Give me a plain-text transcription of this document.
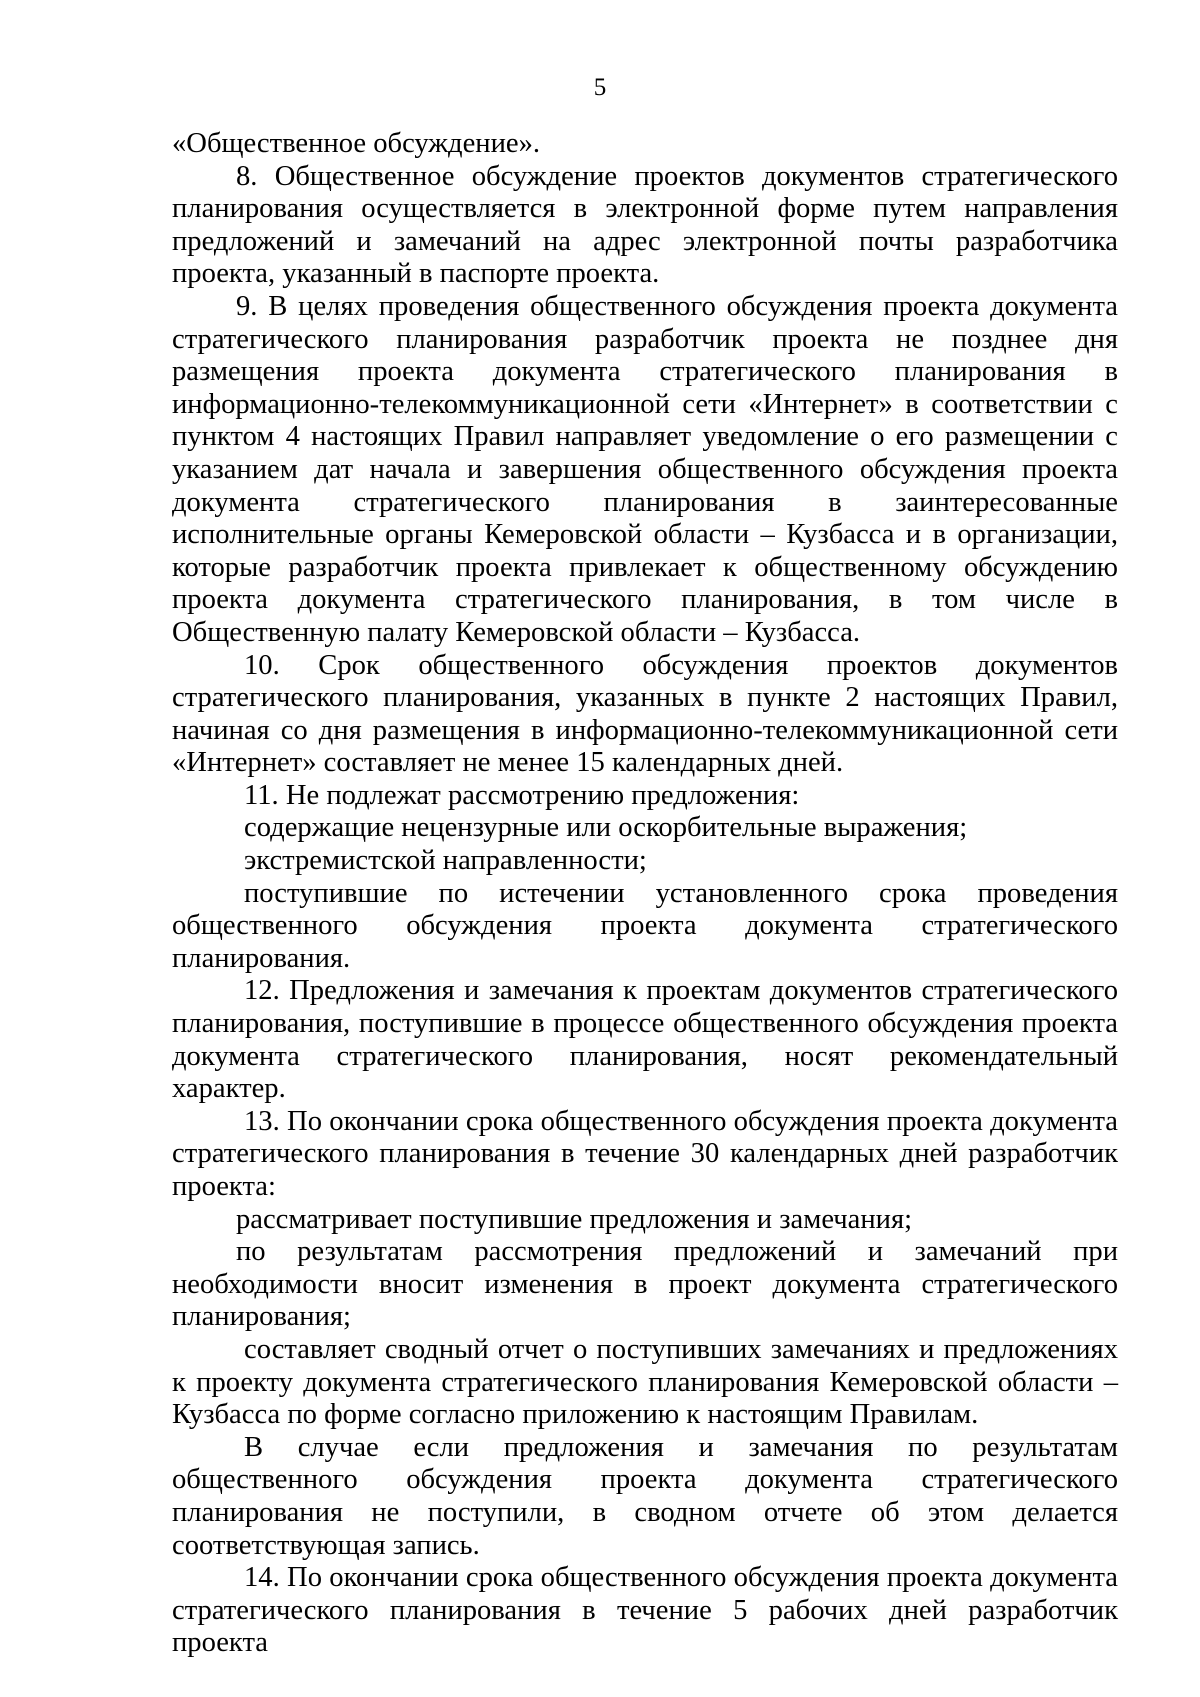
5

«Общественное обсуждение».

8. Общественное обсуждение проектов документов стратегического планирования осуществляется в электронной форме путем направления предложений и замечаний на адрес электронной почты разработчика проекта, указанный в паспорте проекта.

9. В целях проведения общественного обсуждения проекта документа стратегического планирования разработчик проекта не позднее дня размещения проекта документа стратегического планирования в информационно-телекоммуникационной сети «Интернет» в соответствии с пунктом 4 настоящих Правил направляет уведомление о его размещении с указанием дат начала и завершения общественного обсуждения проекта документа стратегического планирования в заинтересованные исполнительные органы Кемеровской области – Кузбасса и в организации, которые разработчик проекта привлекает к общественному обсуждению проекта документа стратегического планирования, в том числе в Общественную палату Кемеровской области – Кузбасса.

10. Срок общественного обсуждения проектов документов стратегического планирования, указанных в пункте 2 настоящих Правил, начиная со дня размещения в информационно-телекоммуникационной сети «Интернет» составляет не менее 15 календарных дней.

11. Не подлежат рассмотрению предложения:

содержащие нецензурные или оскорбительные выражения;

экстремистской направленности;

поступившие по истечении установленного срока проведения общественного обсуждения проекта документа стратегического планирования.

12. Предложения и замечания к проектам документов стратегического планирования, поступившие в процессе общественного обсуждения проекта документа стратегического планирования, носят рекомендательный характер.

13. По окончании срока общественного обсуждения проекта документа стратегического планирования в течение 30 календарных дней разработчик проекта:

рассматривает поступившие предложения и замечания;

по результатам рассмотрения предложений и замечаний при необходимости вносит изменения в проект документа стратегического планирования;

составляет сводный отчет о поступивших замечаниях и предложениях к проекту документа стратегического планирования Кемеровской области – Кузбасса по форме согласно приложению к настоящим Правилам.

В случае если предложения и замечания по результатам общественного обсуждения проекта документа стратегического планирования не поступили, в сводном отчете об этом делается соответствующая запись.

14. По окончании срока общественного обсуждения проекта документа стратегического планирования в течение 5 рабочих дней разработчик проекта
